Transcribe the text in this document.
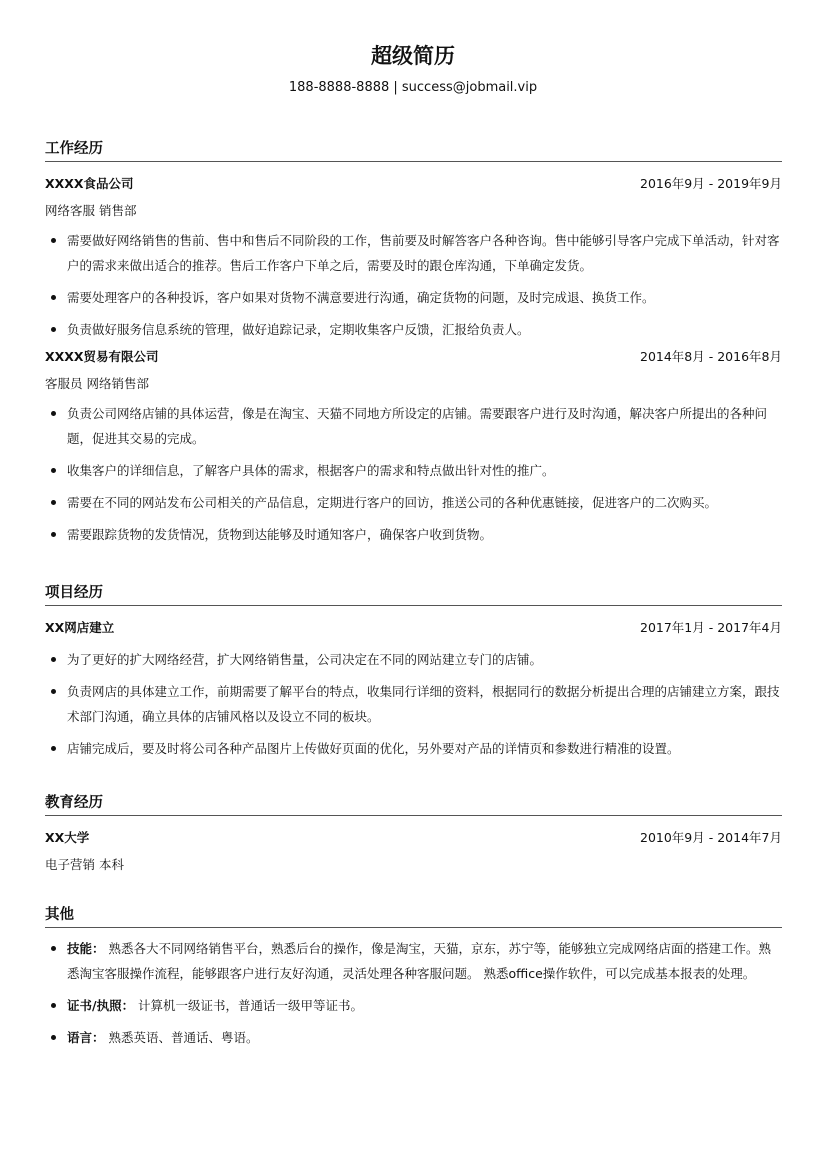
超级简历
188-8888-8888 | success@jobmail.vip
工作经历
XXXX食品公司	2016年9月 - 2019年9月
网络客服 销售部
需要做好网络销售的售前、售中和售后不同阶段的工作，售前要及时解答客户各种咨询。售中能够引导客户完成下单活动，针对客户的需求来做出适合的推荐。售后工作客户下单之后，需要及时的跟仓库沟通，下单确定发货。
需要处理客户的各种投诉，客户如果对货物不满意要进行沟通，确定货物的问题，及时完成退、换货工作。
负责做好服务信息系统的管理，做好追踪记录，定期收集客户反馈，汇报给负责人。
XXXX贸易有限公司	2014年8月 - 2016年8月
客服员 网络销售部
负责公司网络店铺的具体运营，像是在淘宝、天猫不同地方所设定的店铺。需要跟客户进行及时沟通，解决客户所提出的各种问题，促进其交易的完成。
收集客户的详细信息，了解客户具体的需求，根据客户的需求和特点做出针对性的推广。
需要在不同的网站发布公司相关的产品信息，定期进行客户的回访，推送公司的各种优惠链接，促进客户的二次购买。
需要跟踪货物的发货情况，货物到达能够及时通知客户，确保客户收到货物。
项目经历
XX网店建立	2017年1月 - 2017年4月
为了更好的扩大网络经营，扩大网络销售量，公司决定在不同的网站建立专门的店铺。
负责网店的具体建立工作，前期需要了解平台的特点，收集同行详细的资料，根据同行的数据分析提出合理的店铺建立方案，跟技术部门沟通，确立具体的店铺风格以及设立不同的板块。
店铺完成后，要及时将公司各种产品图片上传做好页面的优化，另外要对产品的详情页和参数进行精准的设置。
教育经历
XX大学	2010年9月 - 2014年7月
电子营销 本科
其他
技能： 熟悉各大不同网络销售平台，熟悉后台的操作，像是淘宝，天猫，京东，苏宁等，能够独立完成网络店面的搭建工作。熟悉淘宝客服操作流程，能够跟客户进行友好沟通，灵活处理各种客服问题。 熟悉office操作软件，可以完成基本报表的处理。
证书/执照： 计算机一级证书，普通话一级甲等证书。
语言： 熟悉英语、普通话、粤语。
